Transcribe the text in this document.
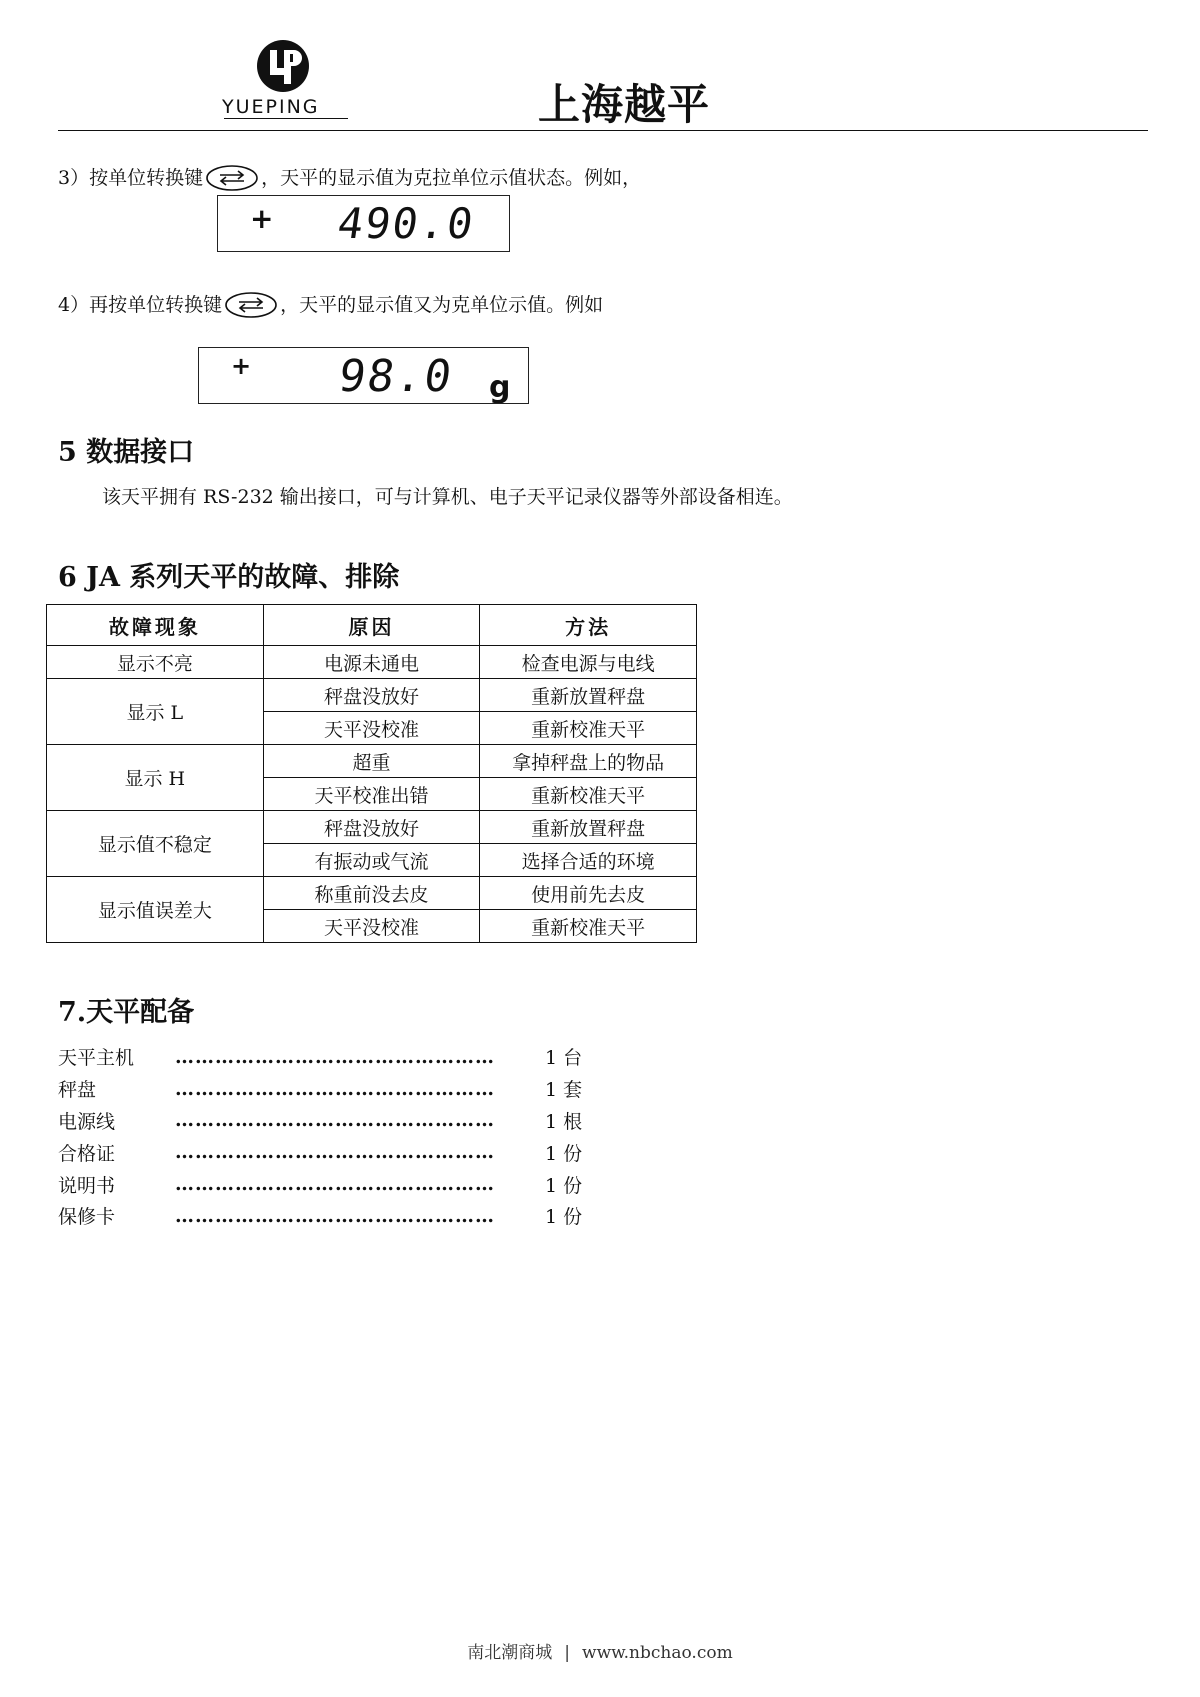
YUEPING	上海越平
3）按单位转换键	，天平的显示值为克拉单位示值状态。例如，
+ 490.0
4）再按单位转换键	，天平的显示值又为克单位示值。例如
+ 98.0 g
5 数据接口
该天平拥有 RS-232 输出接口，可与计算机、电子天平记录仪器等外部设备相连。
6 JA 系列天平的故障、排除
故障现象	原因	方法
显示不亮	电源未通电	检查电源与电线
显示 L	秤盘没放好	重新放置秤盘
	天平没校准	重新校准天平
显示 H	超重	拿掉秤盘上的物品
	天平校准出错	重新校准天平
显示值不稳定	秤盘没放好	重新放置秤盘
	有振动或气流	选择合适的环境
显示值误差大	称重前没去皮	使用前先去皮
	天平没校准	重新校准天平
7.天平配备
天平主机	…………………………………………	1 台
秤盘	…………………………………………	1 套
电源线	…………………………………………	1 根
合格证	…………………………………………	1 份
说明书	…………………………………………	1 份
保修卡	…………………………………………	1 份
南北潮商城 | www.nbchao.com
